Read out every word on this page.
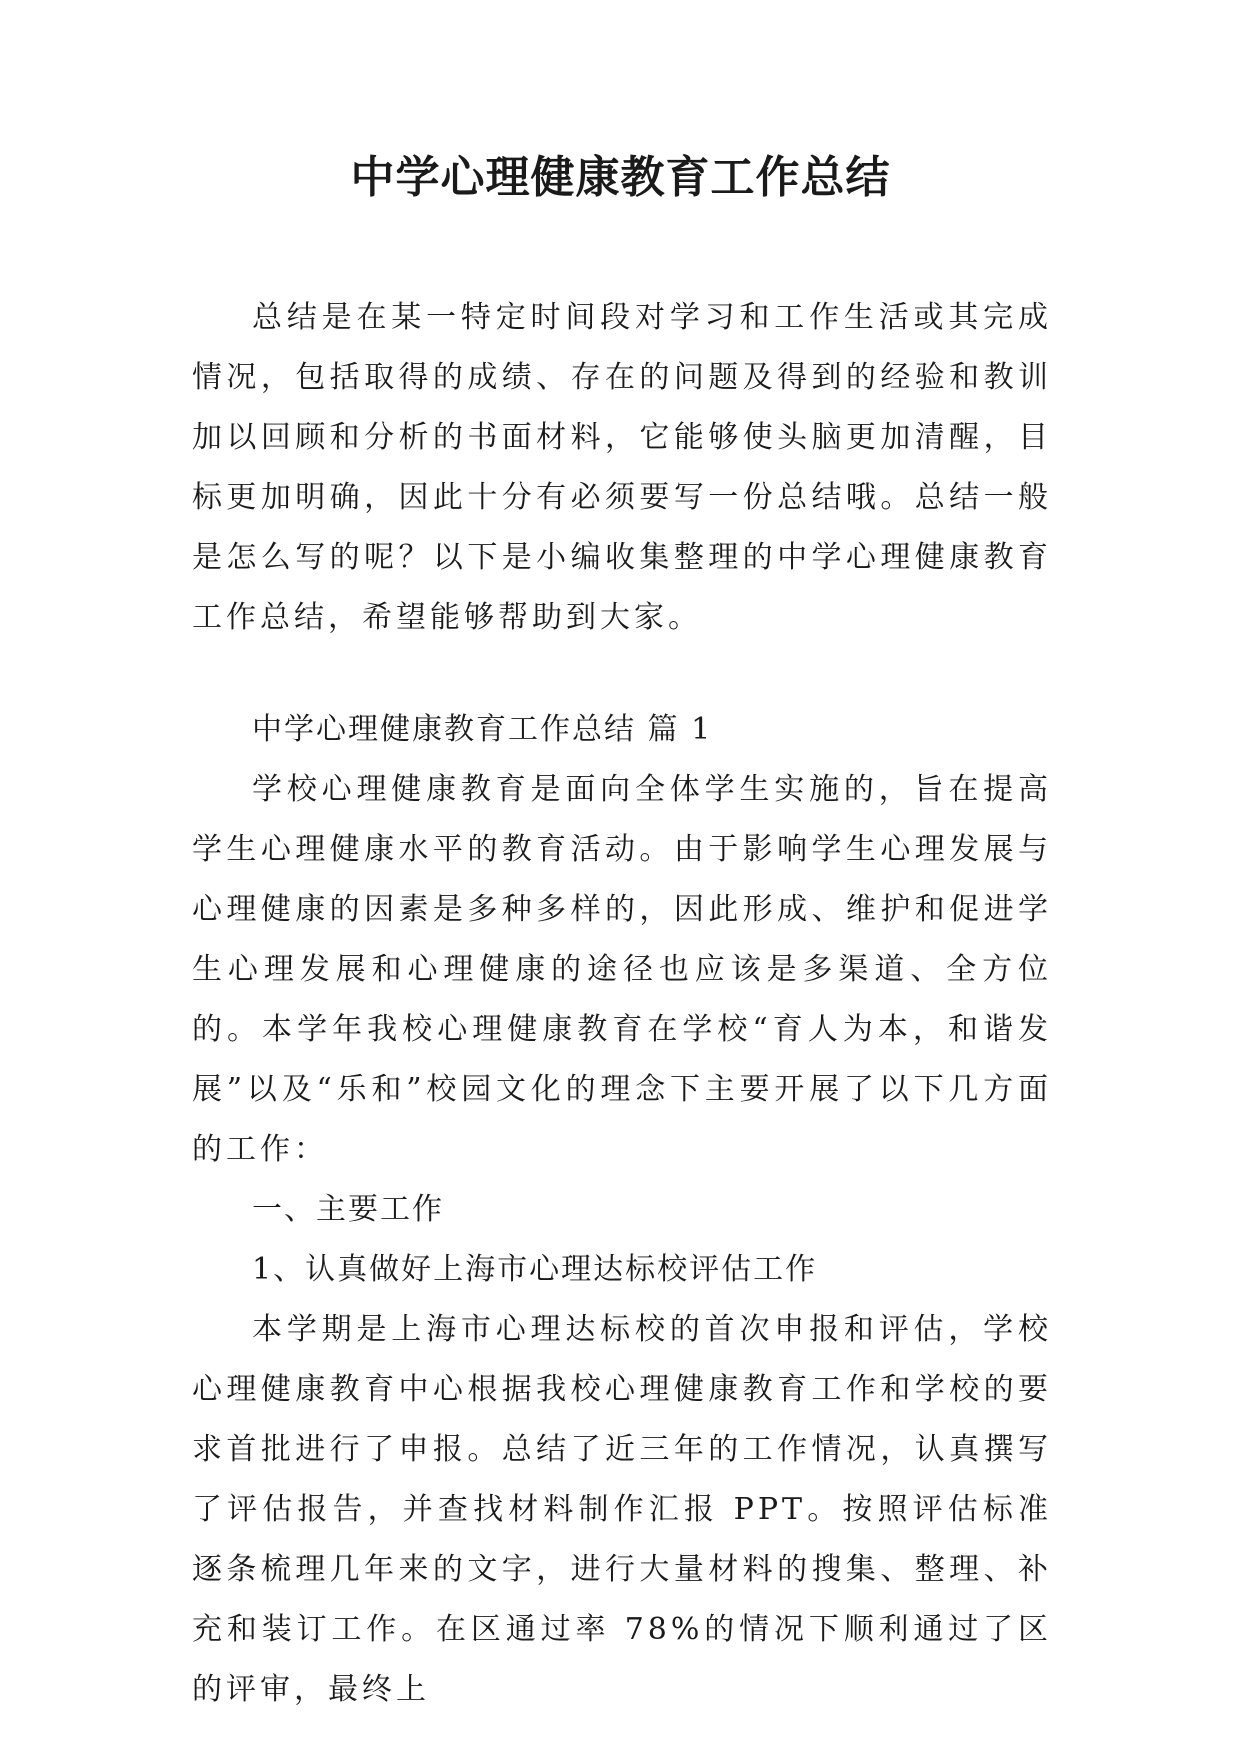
中学心理健康教育工作总结

总结是在某一特定时间段对学习和工作生活或其完成情况，包括取得的成绩、存在的问题及得到的经验和教训加以回顾和分析的书面材料，它能够使头脑更加清醒，目标更加明确，因此十分有必须要写一份总结哦。总结一般是怎么写的呢？以下是小编收集整理的中学心理健康教育工作总结，希望能够帮助到大家。

中学心理健康教育工作总结 篇 1

学校心理健康教育是面向全体学生实施的，旨在提高学生心理健康水平的教育活动。由于影响学生心理发展与心理健康的因素是多种多样的，因此形成、维护和促进学生心理发展和心理健康的途径也应该是多渠道、全方位的。本学年我校心理健康教育在学校“育人为本，和谐发展”以及“乐和”校园文化的理念下主要开展了以下几方面的工作：

一、主要工作

1、认真做好上海市心理达标校评估工作

本学期是上海市心理达标校的首次申报和评估，学校心理健康教育中心根据我校心理健康教育工作和学校的要求首批进行了申报。总结了近三年的工作情况，认真撰写了评估报告，并查找材料制作汇报 PPT。按照评估标准逐条梳理几年来的文字，进行大量材料的搜集、整理、补充和装订工作。在区通过率 78%的情况下顺利通过了区的评审，最终上
